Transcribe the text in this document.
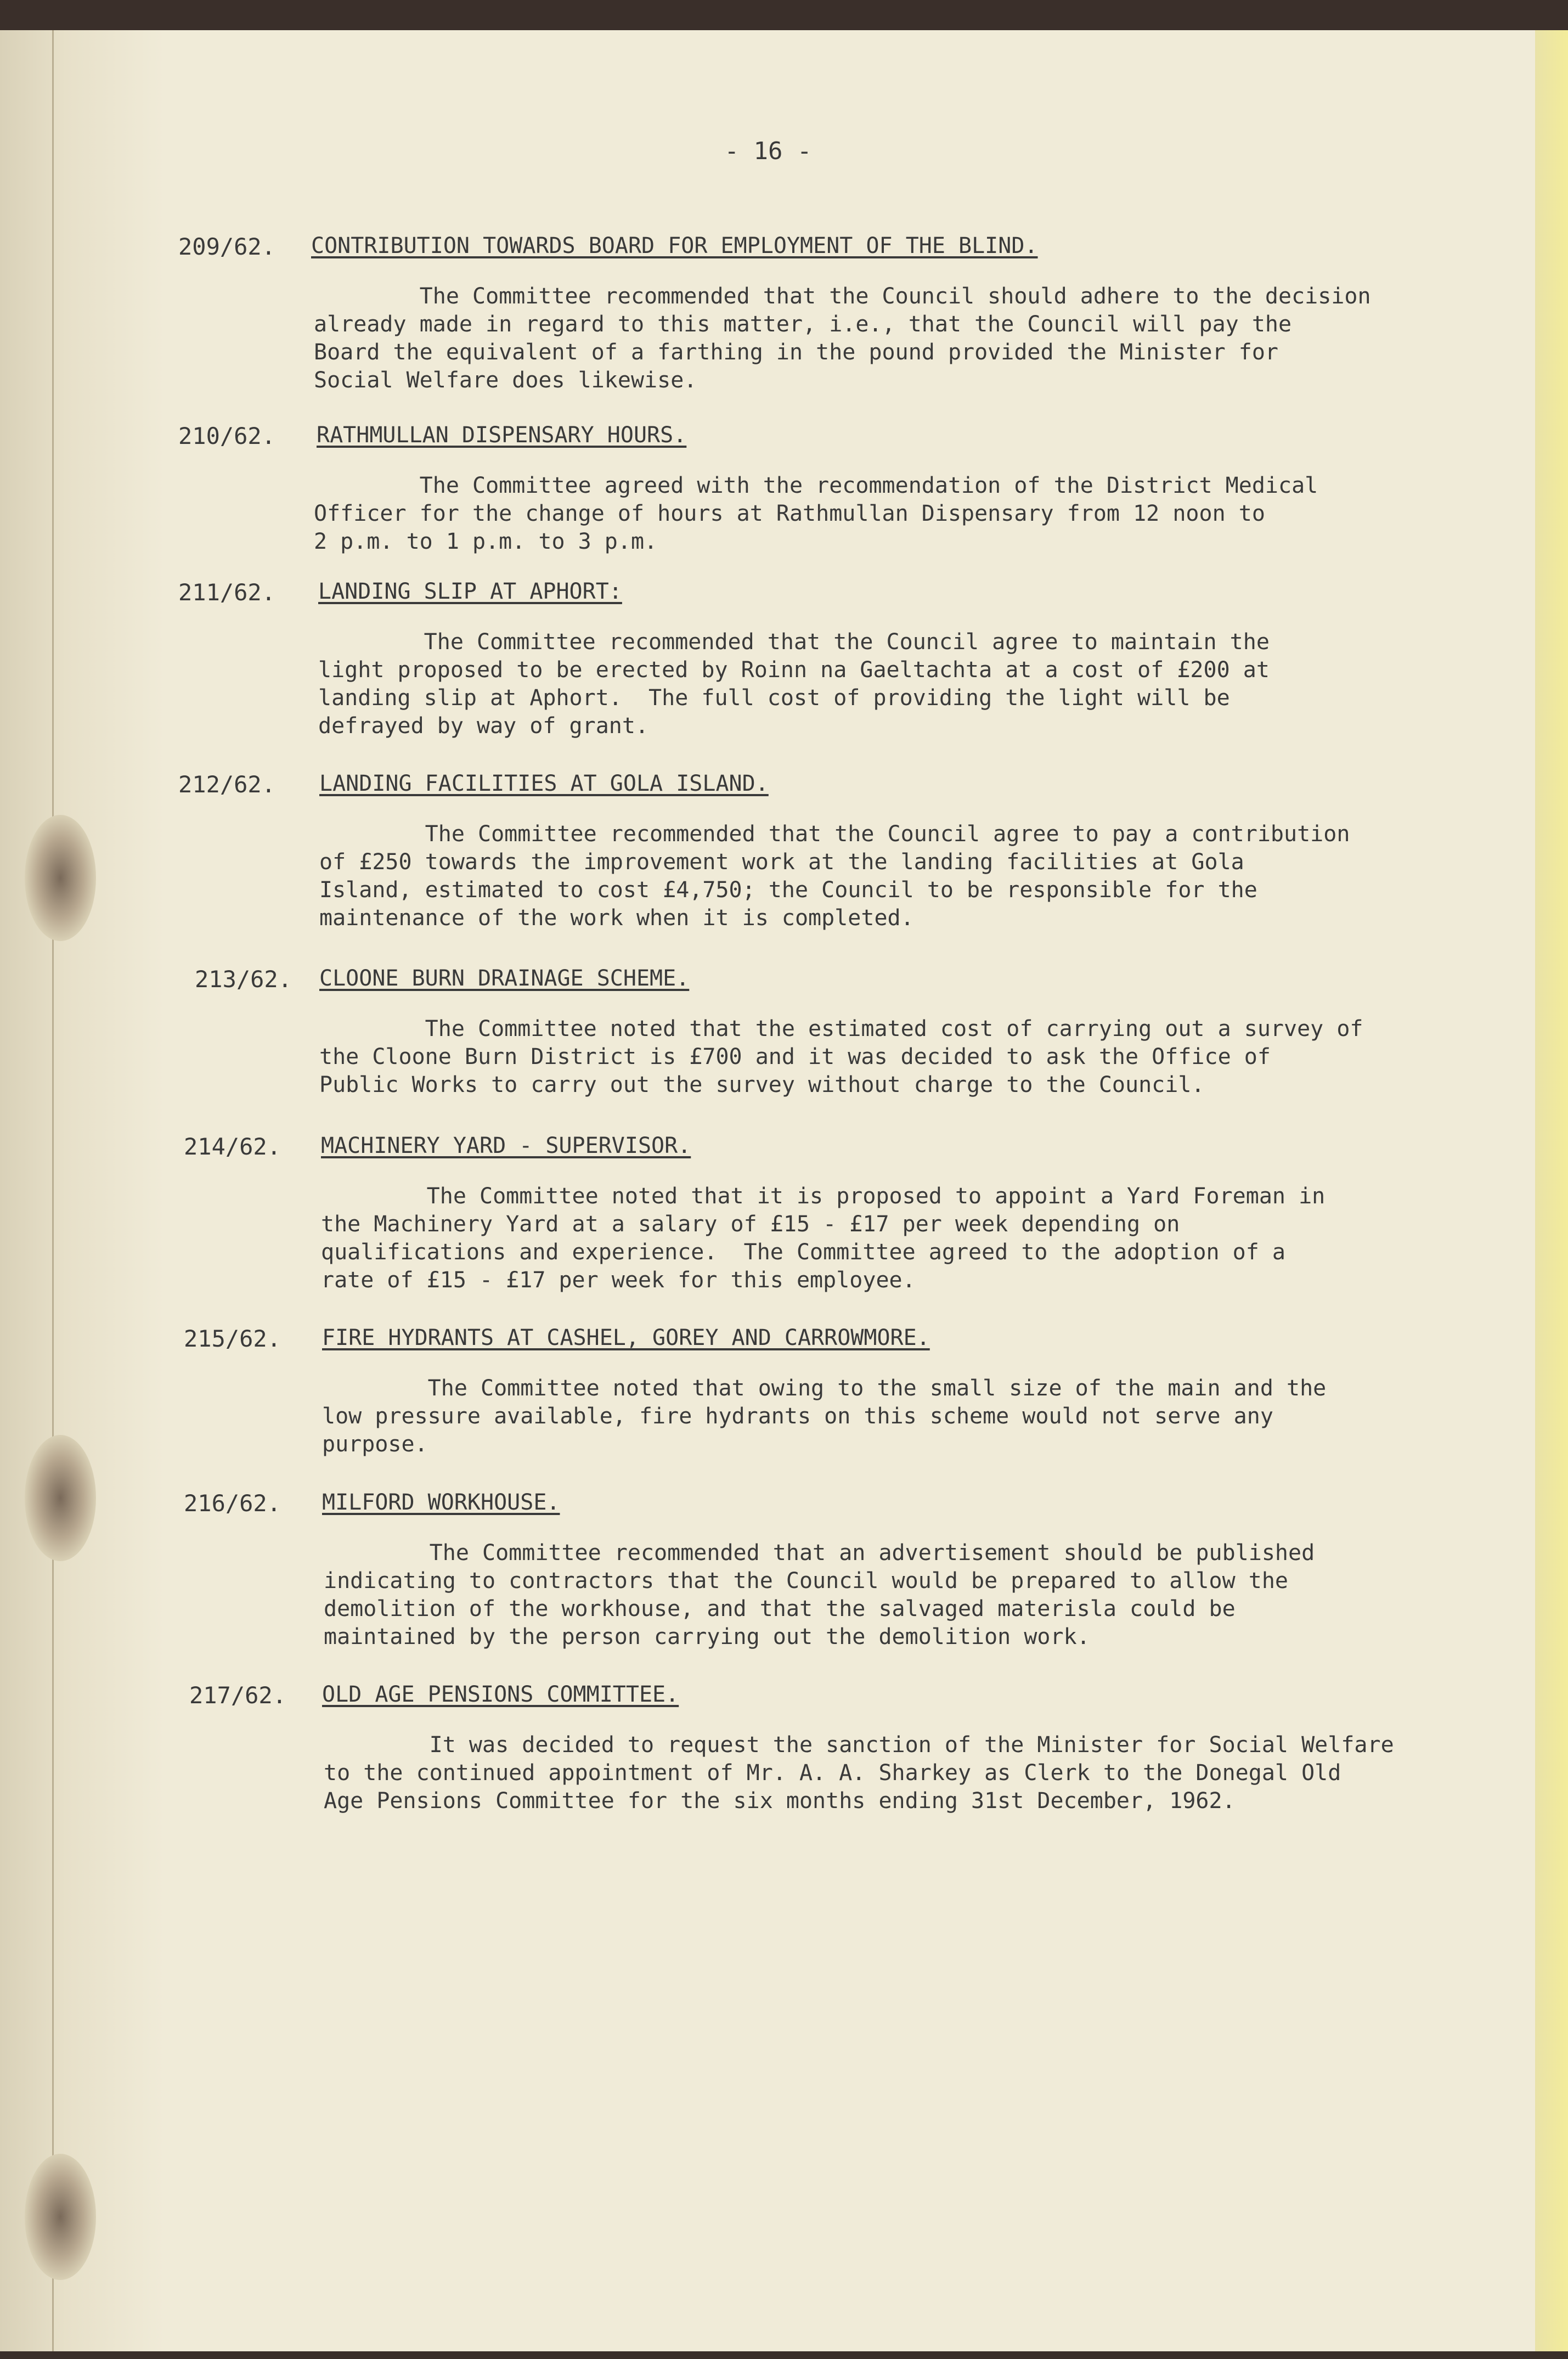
- 16 -
209/62. CONTRIBUTION TOWARDS BOARD FOR EMPLOYMENT OF THE BLIND.
The Committee recommended that the Council should adhere to the decision
already made in regard to this matter, i.e., that the Council will pay the
Board the equivalent of a farthing in the pound provided the Minister for
Social Welfare does likewise.
210/62. RATHMULLAN DISPENSARY HOURS.
The Committee agreed with the recommendation of the District Medical
Officer for the change of hours at Rathmullan Dispensary from 12 noon to
2 p.m. to 1 p.m. to 3 p.m.
211/62. LANDING SLIP AT APHORT:
The Committee recommended that the Council agree to maintain the
light proposed to be erected by Roinn na Gaeltachta at a cost of £200 at
landing slip at Aphort.  The full cost of providing the light will be
defrayed by way of grant.
212/62. LANDING FACILITIES AT GOLA ISLAND.
The Committee recommended that the Council agree to pay a contribution
of £250 towards the improvement work at the landing facilities at Gola
Island, estimated to cost £4,750; the Council to be responsible for the
maintenance of the work when it is completed.
213/62. CLOONE BURN DRAINAGE SCHEME.
The Committee noted that the estimated cost of carrying out a survey of
the Cloone Burn District is £700 and it was decided to ask the Office of
Public Works to carry out the survey without charge to the Council.
214/62. MACHINERY YARD - SUPERVISOR.
The Committee noted that it is proposed to appoint a Yard Foreman in
the Machinery Yard at a salary of £15 - £17 per week depending on
qualifications and experience.  The Committee agreed to the adoption of a
rate of £15 - £17 per week for this employee.
215/62. FIRE HYDRANTS AT CASHEL, GOREY AND CARROWMORE.
The Committee noted that owing to the small size of the main and the
low pressure available, fire hydrants on this scheme would not serve any
purpose.
216/62. MILFORD WORKHOUSE.
The Committee recommended that an advertisement should be published
indicating to contractors that the Council would be prepared to allow the
demolition of the workhouse, and that the salvaged materisla could be
maintained by the person carrying out the demolition work.
217/62. OLD AGE PENSIONS COMMITTEE.
It was decided to request the sanction of the Minister for Social Welfare
to the continued appointment of Mr. A. A. Sharkey as Clerk to the Donegal Old
Age Pensions Committee for the six months ending 31st December, 1962.
